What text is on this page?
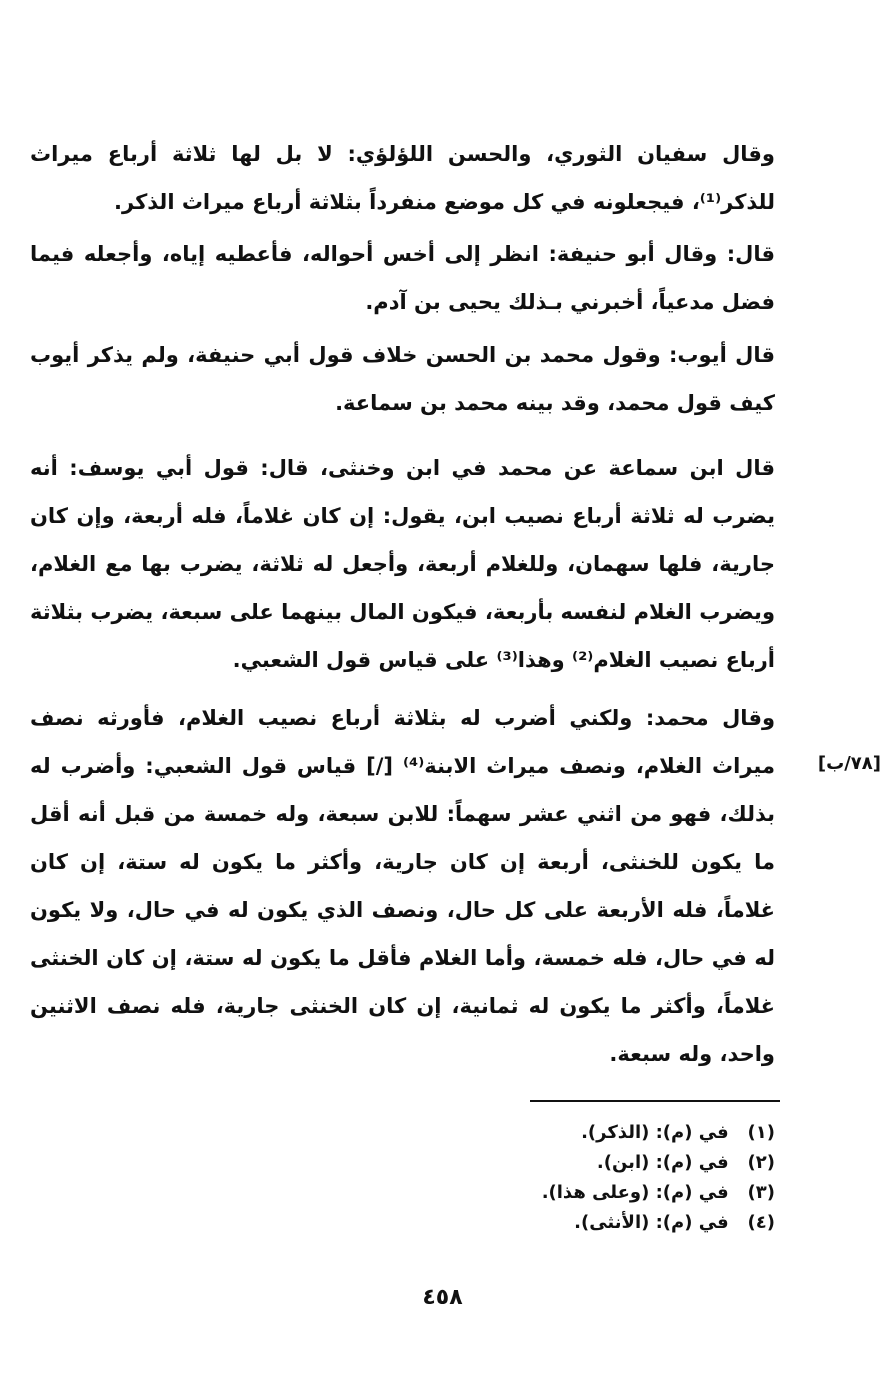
وقال سفيان الثوري، والحسن اللؤلؤي: لا بل لها ثلاثة أرباع ميراث للذكر⁽¹⁾، فيجعلونه في كل موضع منفرداً بثلاثة أرباع ميراث الذكر.

قال: وقال أبو حنيفة: انظر إلى أخس أحواله، فأعطيه إياه، وأجعله فيما فضل مدعياً، أخبرني بـذلك يحيى بن آدم.

قال أيوب: وقول محمد بن الحسن خلاف قول أبي حنيفة، ولم يذكر أيوب كيف قول محمد، وقد بينه محمد بن سماعة.

قال ابن سماعة عن محمد في ابن وخنثى، قال: قول أبي يوسف: أنه يضرب له ثلاثة أرباع نصيب ابن، يقول: إن كان غلاماً، فله أربعة، وإن كان جارية، فلها سهمان، وللغلام أربعة، وأجعل له ثلاثة، يضرب بها مع الغلام، ويضرب الغلام لنفسه بأربعة، فيكون المال بينهما على سبعة، يضرب بثلاثة أرباع نصيب الغلام⁽²⁾ وهذا⁽³⁾ على قياس قول الشعبي.

وقال محمد: ولكني أضرب له بثلاثة أرباع نصيب الغلام، فأورثه نصف ميراث الغلام، ونصف ميراث الابنة⁽⁴⁾ [/] قياس قول الشعبي: وأضرب له بذلك، فهو من اثني عشر سهماً: للابن سبعة، وله خمسة من قبل أنه أقل ما يكون للخنثى، أربعة إن كان جارية، وأكثر ما يكون له ستة، إن كان غلاماً، فله الأربعة على كل حال، ونصف الذي يكون له في حال، ولا يكون له في حال، فله خمسة، وأما الغلام فأقل ما يكون له ستة، إن كان الخنثى غلاماً، وأكثر ما يكون له ثمانية، إن كان الخنثى جارية، فله نصف الاثنين واحد، وله سبعة.

[٧٨/ب]
(١) في (م): (الذكر).
(٢) في (م): (ابن).
(٣) في (م): (وعلى هذا).
(٤) في (م): (الأنثى).
٤٥٨
